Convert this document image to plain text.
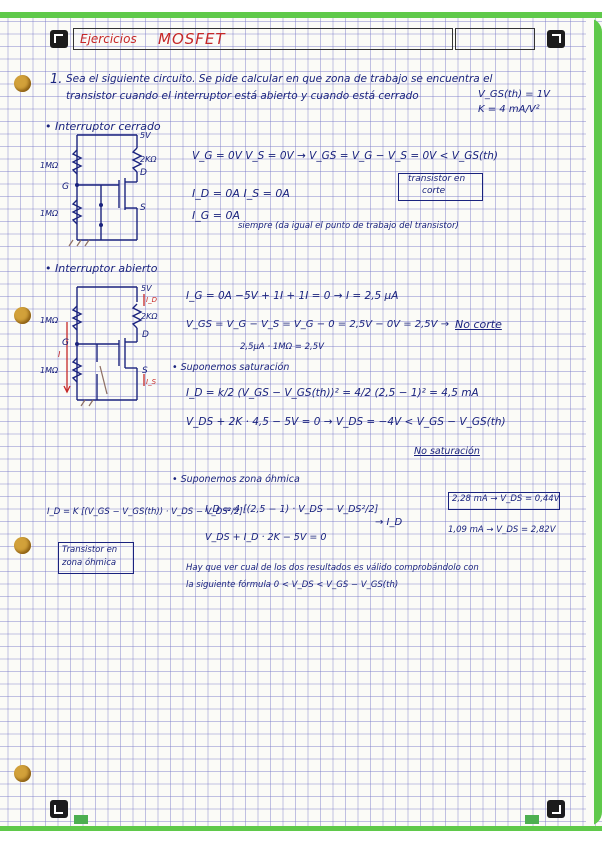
Ejercicios MOSFET
1. Sea el siguiente circuito. Se pide calcular en que zona de trabajo se encuentra el
transistor cuando el interruptor está abierto y cuando está cerrado	V_GS(th) = 1V
K = 4 mA/V²
• Interruptor cerrado
5V
2KΩ
D
G
S
1MΩ
1MΩ
V_G = 0V V_S = 0V → V_GS = V_G − V_S = 0V < V_GS(th)
I_D = 0A I_S = 0A
I_G = 0A
siempre (da igual el punto de trabajo del transistor)
transistor en
corte
• Interruptor abierto
5V
I_D
2KΩ
D
G
S
I_S
1MΩ
1MΩ
I
I_G = 0A −5V + 1I + 1I = 0 → I = 2,5 µA
V_GS = V_G − V_S = V_G − 0 = 2,5V − 0V = 2,5V → No corte
2,5µA · 1MΩ = 2,5V
• Suponemos saturación
I_D = k/2 (V_GS − V_GS(th))² = 4/2 (2,5 − 1)² = 4,5 mA
V_DS + 2K · 4,5 − 5V = 0 → V_DS = −4V < V_GS − V_GS(th)
No saturación
• Suponemos zona óhmica
I_D = K [(V_GS − V_GS(th)) · V_DS − V_DS²/2]
I_D = 4 [(2,5 − 1) · V_DS − V_DS²/2]
V_DS + I_D · 2K − 5V = 0
→ I_D
2,28 mA → V_DS = 0,44V
1,09 mA → V_DS = 2,82V
Transistor en
zona óhmica	Hay que ver cual de los dos resultados es válido comprobándolo con
la siguiente fórmula 0 < V_DS < V_GS − V_GS(th)
